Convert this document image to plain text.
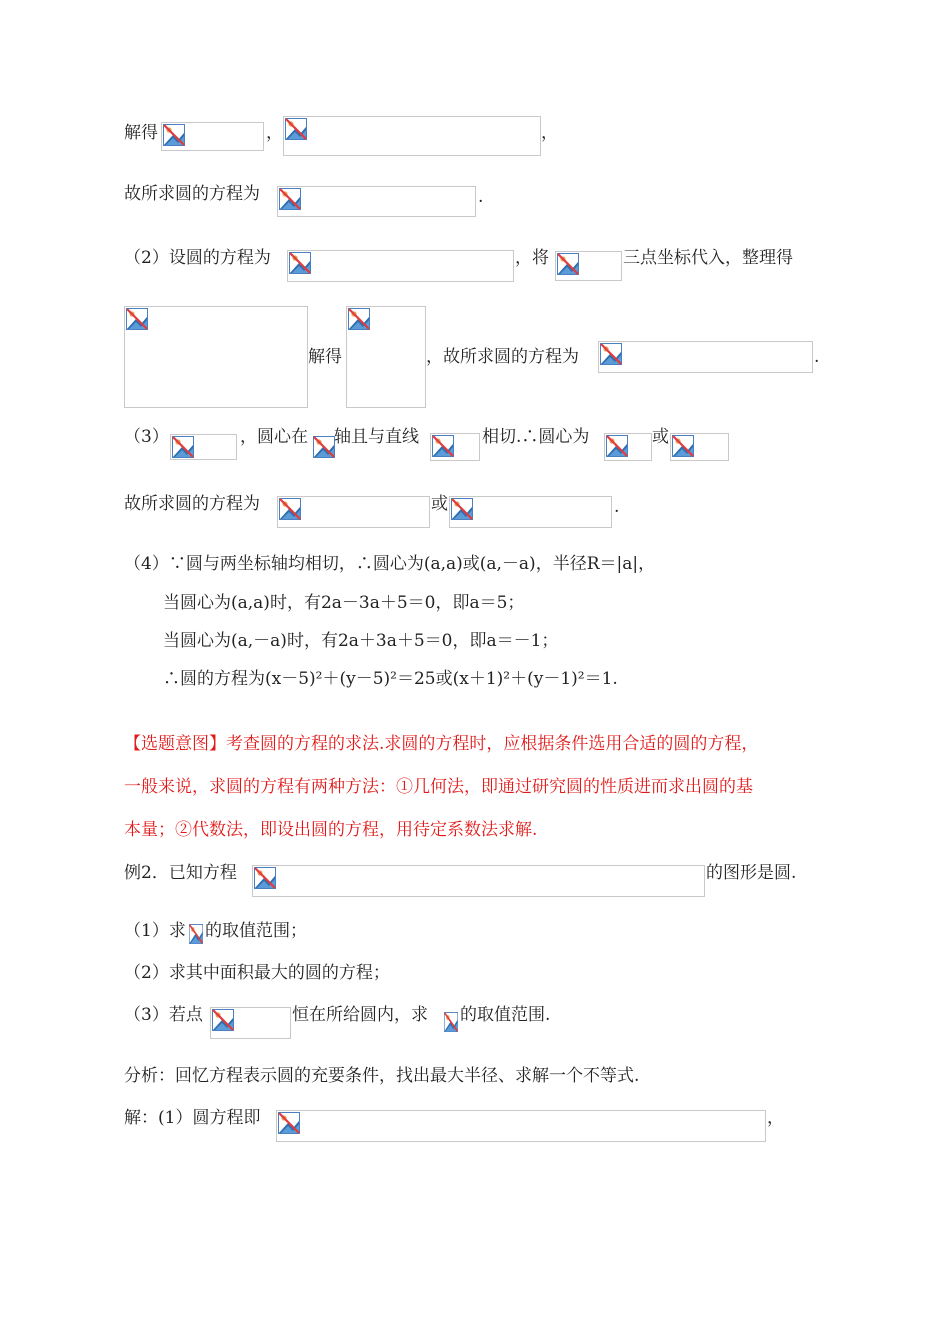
解得	，	，
故所求圆的方程为	.
（2）设圆的方程为	，将	三点坐标代入，整理得
解得	，故所求圆的方程为	.
（3）	，圆心在 轴且与直线	相切.∴圆心为	或
故所求圆的方程为	或	.
（4）∵圆与两坐标轴均相切，∴圆心为(a,a)或(a,－a)，半径R＝|a|，
当圆心为(a,a)时，有2a－3a＋5＝0，即a＝5；
当圆心为(a,－a)时，有2a＋3a＋5＝0，即a＝－1；
∴圆的方程为(x－5)²＋(y－5)²＝25或(x＋1)²＋(y－1)²＝1.
【选题意图】考查圆的方程的求法.求圆的方程时，应根据条件选用合适的圆的方程，
一般来说，求圆的方程有两种方法：①几何法，即通过研究圆的性质进而求出圆的基
本量；②代数法，即设出圆的方程，用待定系数法求解.
例2．已知方程	的图形是圆.
（1）求 的取值范围；
（2）求其中面积最大的圆的方程；
（3）若点	恒在所给圆内，求 的取值范围.
分析：回忆方程表示圆的充要条件，找出最大半径、求解一个不等式.
解：(1）圆方程即	，
